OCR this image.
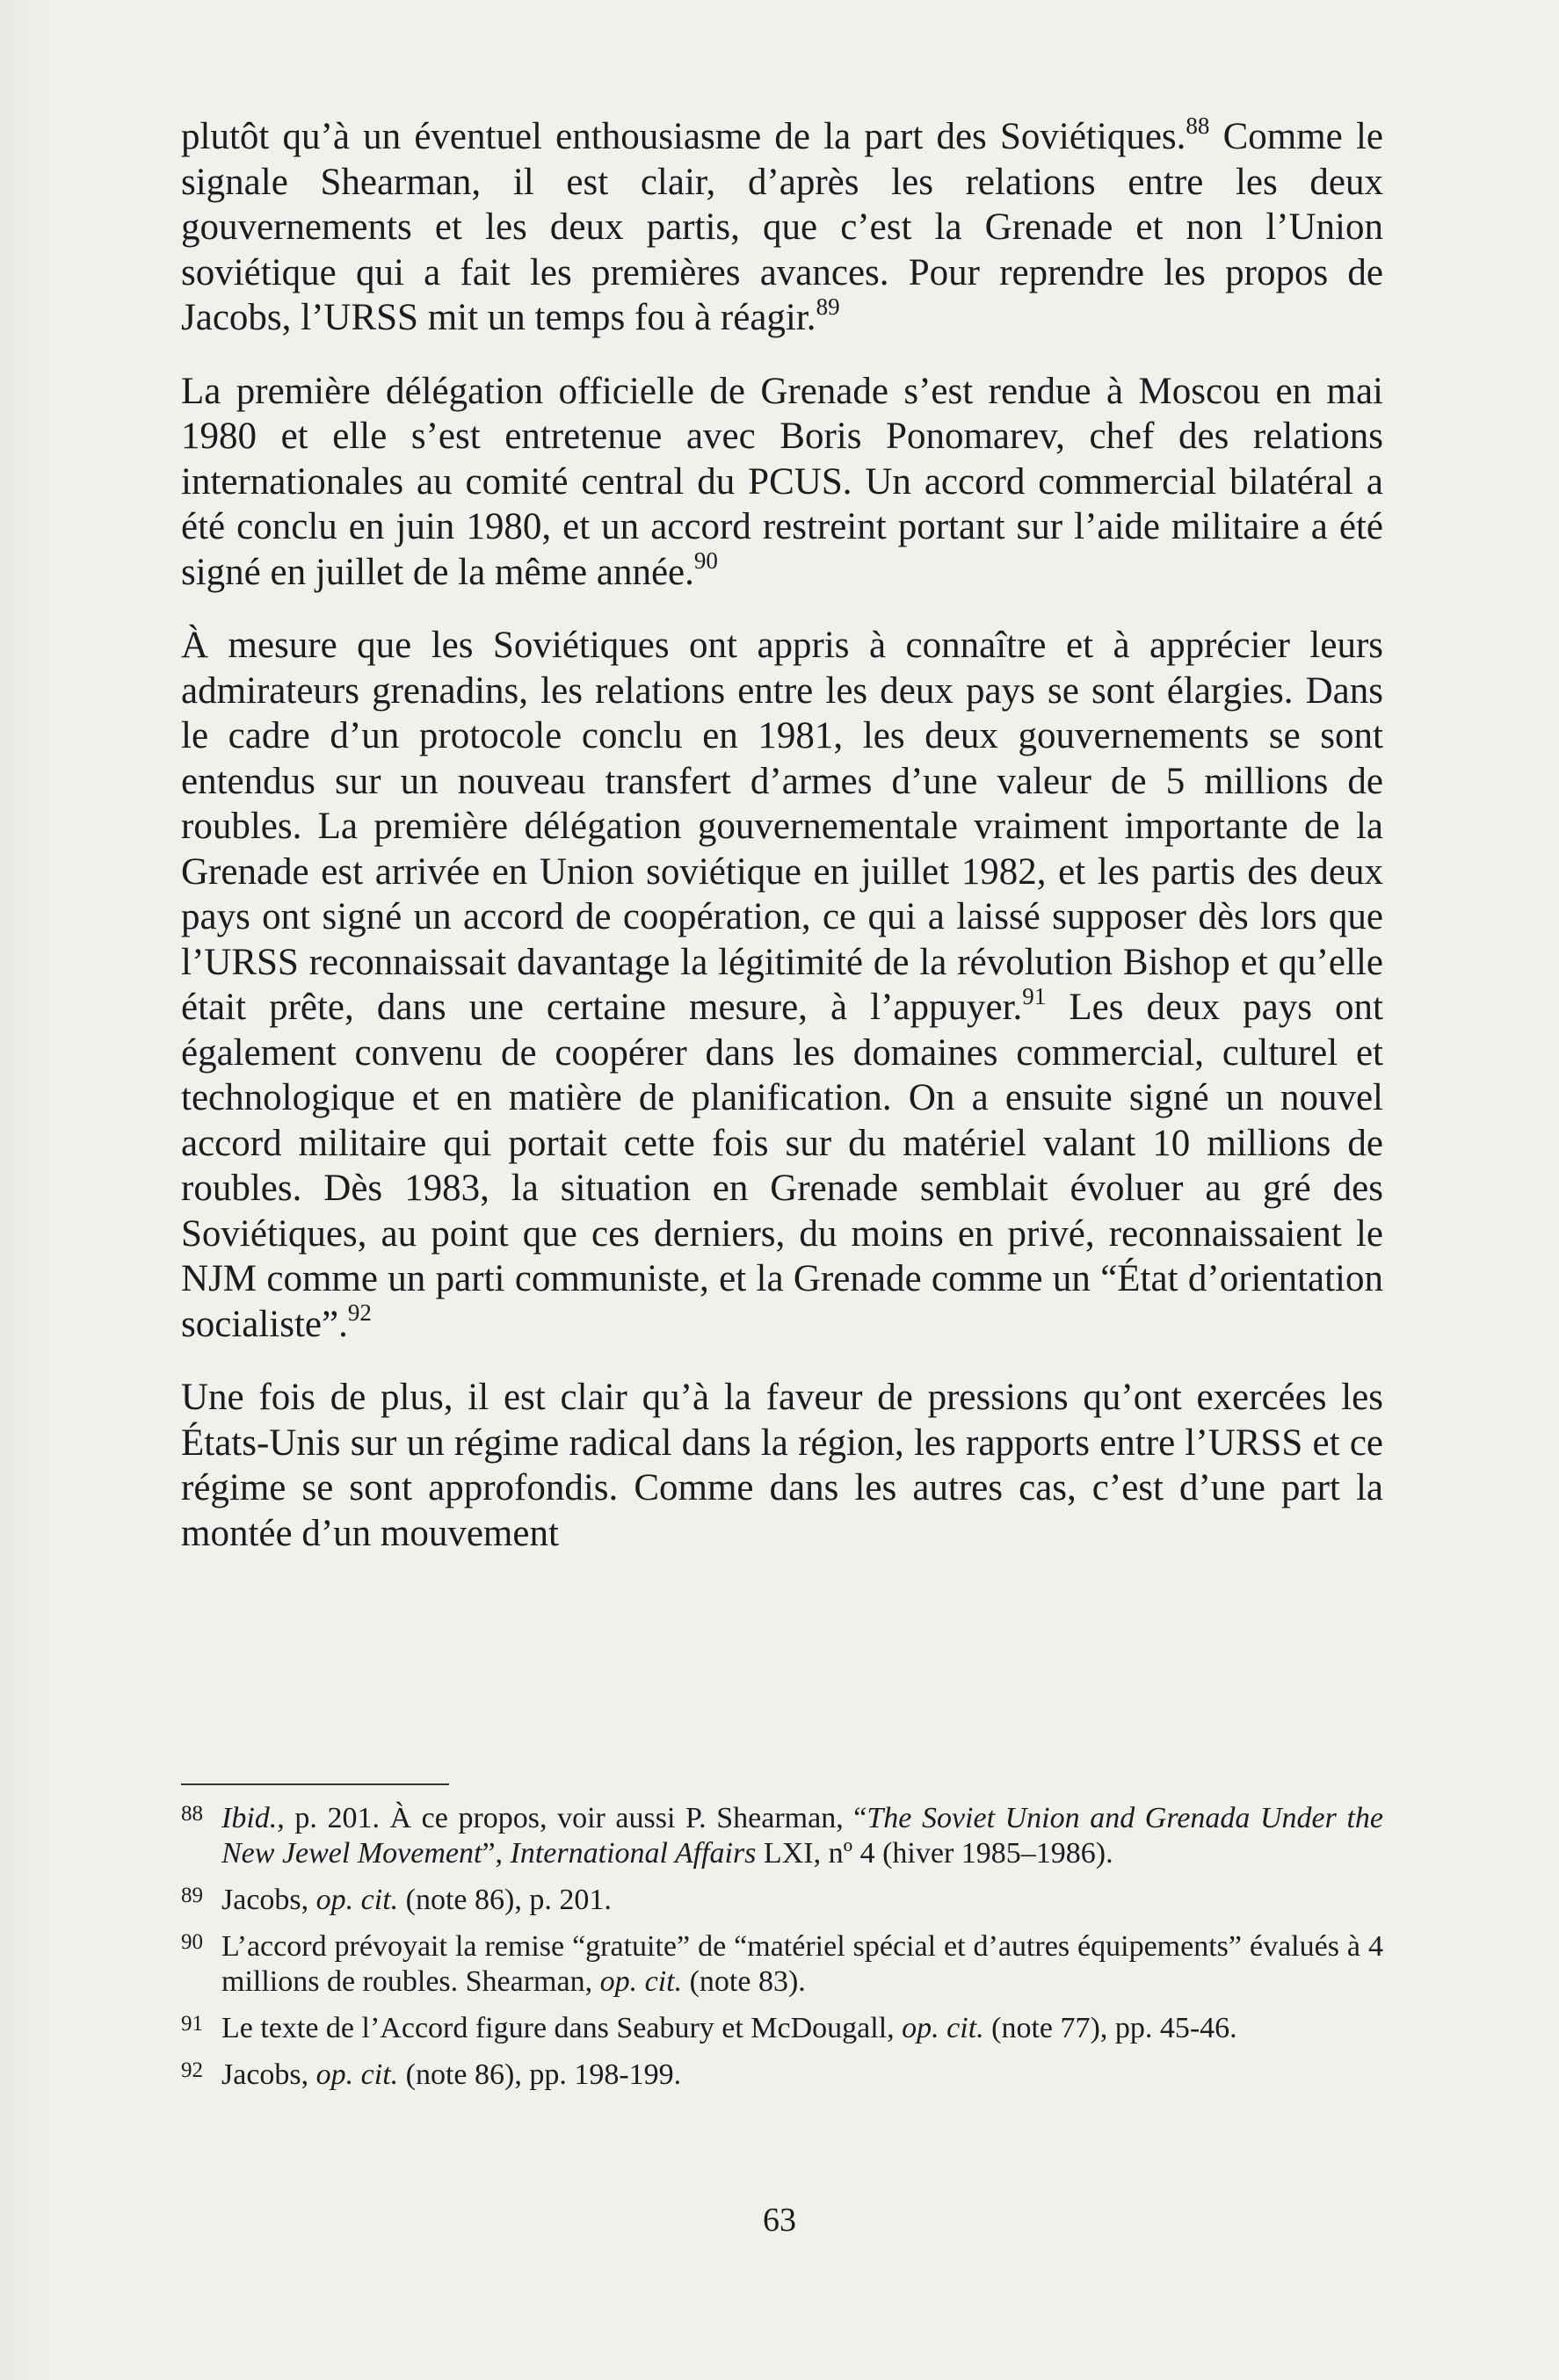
plutôt qu’à un éventuel enthousiasme de la part des Soviétiques.$^{88}$ Comme le signale Shearman, il est clair, d’après les relations entre les deux gouvernements et les deux partis, que c’est la Grenade et non l’Union soviétique qui a fait les premières avances. Pour reprendre les propos de Jacobs, l’URSS mit un temps fou à réagir.$^{89}$

La première délégation officielle de Grenade s’est rendue à Moscou en mai 1980 et elle s’est entretenue avec Boris Ponomarev, chef des relations internationales au comité central du PCUS. Un accord commercial bilatéral a été conclu en juin 1980, et un accord restreint portant sur l’aide militaire a été signé en juillet de la même année.$^{90}$

À mesure que les Soviétiques ont appris à connaître et à apprécier leurs admirateurs grenadins, les relations entre les deux pays se sont élargies. Dans le cadre d’un protocole conclu en 1981, les deux gouvernements se sont entendus sur un nouveau transfert d’armes d’une valeur de 5 millions de roubles. La première délégation gouvernementale vraiment importante de la Grenade est arrivée en Union soviétique en juillet 1982, et les partis des deux pays ont signé un accord de coopération, ce qui a laissé supposer dès lors que l’URSS reconnaissait davantage la légitimité de la révolution Bishop et qu’elle était prête, dans une certaine mesure, à l’appuyer.$^{91}$ Les deux pays ont également convenu de coopérer dans les domaines commercial, culturel et technologique et en matière de planification. On a ensuite signé un nouvel accord militaire qui portait cette fois sur du matériel valant 10 millions de roubles. Dès 1983, la situation en Grenade semblait évoluer au gré des Soviétiques, au point que ces derniers, du moins en privé, reconnaissaient le NJM comme un parti communiste, et la Grenade comme un “État d’orientation socialiste”.$^{92}$

Une fois de plus, il est clair qu’à la faveur de pressions qu’ont exercées les États-Unis sur un régime radical dans la région, les rapports entre l’URSS et ce régime se sont approfondis. Comme dans les autres cas, c’est d’une part la montée d’un mouvement

88 Ibid., p. 201. À ce propos, voir aussi P. Shearman, “The Soviet Union and Grenada Under the New Jewel Movement”, International Affairs LXI, nº 4 (hiver 1985–1986).

89 Jacobs, op. cit. (note 86), p. 201.

90 L’accord prévoyait la remise “gratuite” de “matériel spécial et d’autres équipements” évalués à 4 millions de roubles. Shearman, op. cit. (note 83).

91 Le texte de l’Accord figure dans Seabury et McDougall, op. cit. (note 77), pp. 45-46.

92 Jacobs, op. cit. (note 86), pp. 198-199.

63
